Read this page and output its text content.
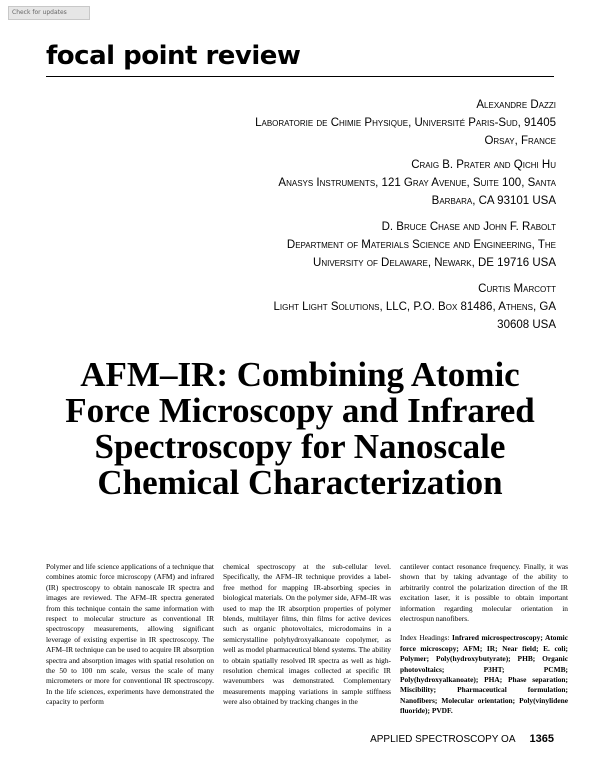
Check for updates
focal point review
Alexandre Dazzi
Laboratorie de Chimie Physique, Université Paris-Sud, 91405
Orsay, France
Craig B. Prater and Qichi Hu
Anasys Instruments, 121 Gray Avenue, Suite 100, Santa
Barbara, CA 93101 USA
D. Bruce Chase and John F. Rabolt
Department of Materials Science and Engineering, The
University of Delaware, Newark, DE 19716 USA
Curtis Marcott
Light Light Solutions, LLC, P.O. Box 81486, Athens, GA
30608 USA
AFM–IR: Combining Atomic
Force Microscopy and Infrared
Spectroscopy for Nanoscale
Chemical Characterization

Polymer and life science applications of a technique that combines atomic force microscopy (AFM) and infrared (IR) spectroscopy to obtain nanoscale IR spectra and images are reviewed. The AFM–IR spectra generated from this technique contain the same information with respect to molecular structure as conventional IR spectroscopy measurements, allowing significant leverage of existing expertise in IR spectroscopy. The AFM–IR technique can be used to acquire IR absorption spectra and absorption images with spatial resolution on the 50 to 100 nm scale, versus the scale of many micrometers or more for conventional IR spectroscopy. In the life sciences, experiments have demonstrated the capacity to perform

chemical spectroscopy at the sub-cellular level. Specifically, the AFM–IR technique provides a label-free method for mapping IR-absorbing species in biological materials. On the polymer side, AFM–IR was used to map the IR absorption properties of polymer blends, multilayer films, thin films for active devices such as organic photovoltaics, microdomains in a semicrystalline polyhydroxyalkanoate copolymer, as well as model pharmaceutical blend systems. The ability to obtain spatially resolved IR spectra as well as high-resolution chemical images collected at specific IR wavenumbers was demonstrated. Complementary measurements mapping variations in sample stiffness were also obtained by tracking changes in the

cantilever contact resonance frequency. Finally, it was shown that by taking advantage of the ability to arbitrarily control the polarization direction of the IR excitation laser, it is possible to obtain important information regarding molecular orientation in electrospun nanofibers.

Index Headings: Infrared microspectroscopy; Atomic force microscopy; AFM; IR; Near field; E. coli; Polymer; Poly(hydroxybutyrate); PHB; Organic photovoltaics; P3HT; PCMB; Poly(hydroxyalkanoate); PHA; Phase separation; Miscibility; Pharmaceutical formulation; Nanofibers; Molecular orientation; Poly(vinylidene fluoride); PVDF.

APPLIED SPECTROSCOPY OA 1365
